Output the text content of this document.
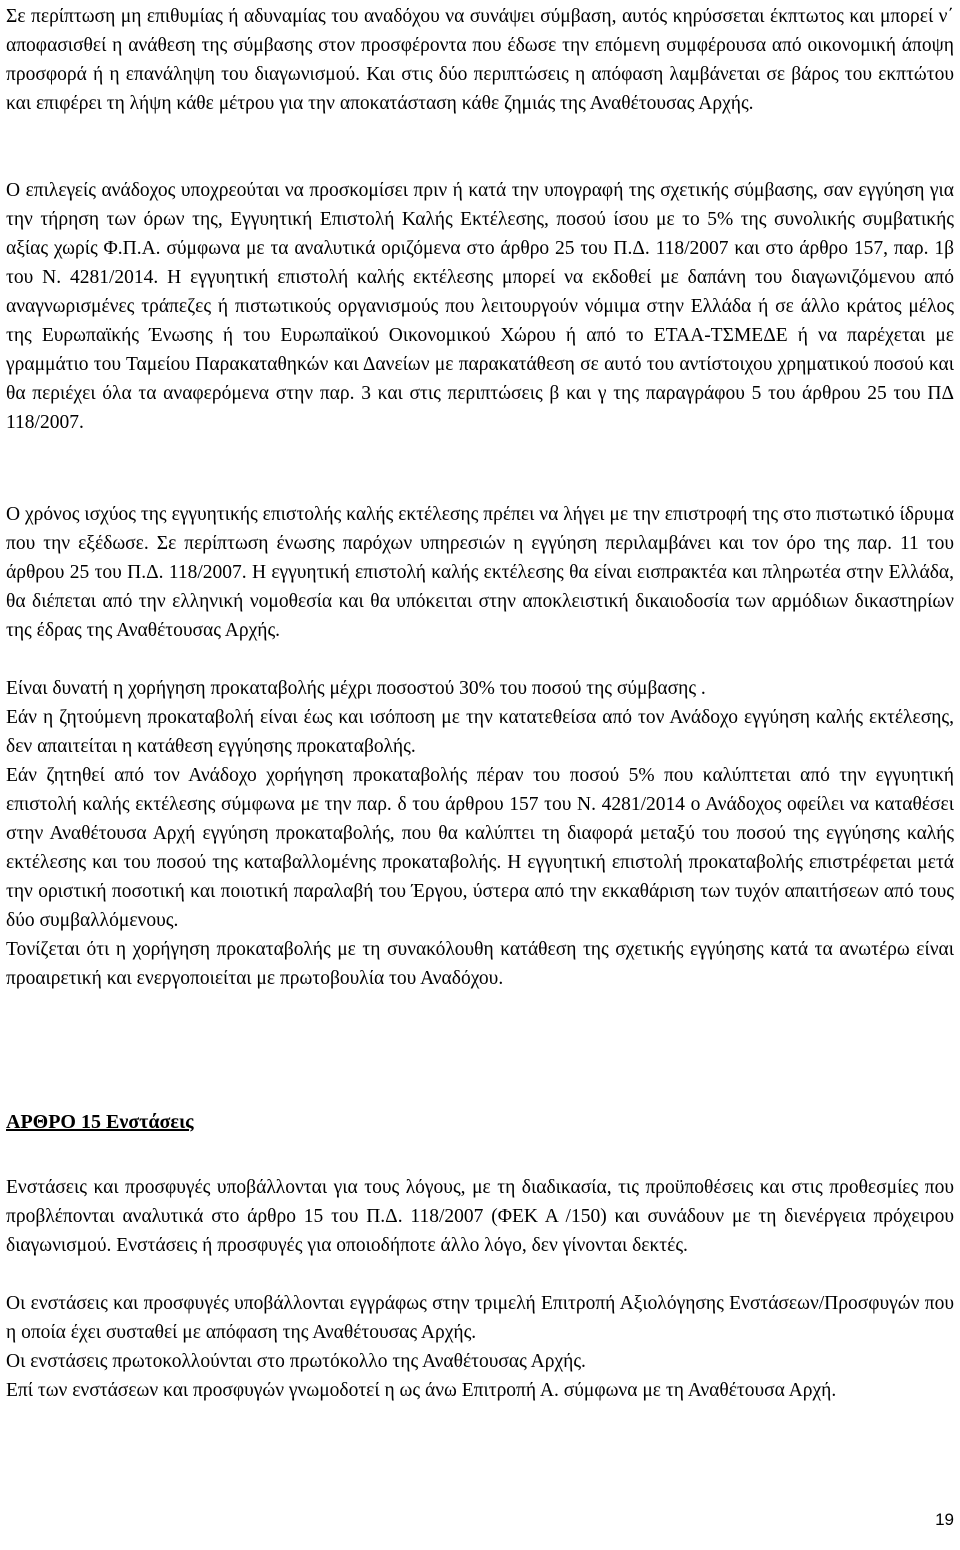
Σε περίπτωση μη επιθυμίας ή αδυναμίας του αναδόχου να συνάψει σύμβαση, αυτός κηρύσσεται έκπτωτος και μπορεί ν΄ αποφασισθεί η ανάθεση της σύμβασης στον προσφέροντα που έδωσε την επόμενη συμφέρουσα από οικονομική άποψη προσφορά ή η επανάληψη του διαγωνισμού. Και στις δύο περιπτώσεις η απόφαση λαμβάνεται σε βάρος του εκπτώτου και επιφέρει τη λήψη κάθε μέτρου για την αποκατάσταση κάθε ζημιάς της Αναθέτουσας Αρχής.

Ο επιλεγείς ανάδοχος υποχρεούται να προσκομίσει πριν ή κατά την υπογραφή της σχετικής σύμβασης, σαν εγγύηση για την τήρηση των όρων της, Εγγυητική Επιστολή Καλής Εκτέλεσης, ποσού ίσου με το 5% της συνολικής συμβατικής αξίας χωρίς Φ.Π.Α. σύμφωνα με τα αναλυτικά οριζόμενα στο άρθρο 25 του Π.Δ. 118/2007 και στο άρθρο 157, παρ. 1β του Ν. 4281/2014. Η εγγυητική επιστολή καλής εκτέλεσης μπορεί να εκδοθεί με δαπάνη του διαγωνιζόμενου από αναγνωρισμένες τράπεζες ή πιστωτικούς οργανισμούς που λειτουργούν νόμιμα στην Ελλάδα ή σε άλλο κράτος μέλος της Ευρωπαϊκής Ένωσης ή του Ευρωπαϊκού Οικονομικού Χώρου ή από το ΕΤΑΑ-ΤΣΜΕΔΕ ή να παρέχεται με γραμμάτιο του Ταμείου Παρακαταθηκών και Δανείων με παρακατάθεση σε αυτό του αντίστοιχου χρηματικού ποσού και θα περιέχει όλα τα αναφερόμενα στην παρ. 3 και στις περιπτώσεις β και γ της παραγράφου 5 του άρθρου 25 του ΠΔ 118/2007.

Ο χρόνος ισχύος της εγγυητικής επιστολής καλής εκτέλεσης πρέπει να λήγει με την επιστροφή της στο πιστωτικό ίδρυμα που την εξέδωσε. Σε περίπτωση ένωσης παρόχων υπηρεσιών η εγγύηση περιλαμβάνει και τον όρο της παρ. 11 του άρθρου 25 του Π.Δ. 118/2007. Η εγγυητική επιστολή καλής εκτέλεσης θα είναι εισπρακτέα και πληρωτέα στην Ελλάδα, θα διέπεται από την ελληνική νομοθεσία και θα υπόκειται στην αποκλειστική δικαιοδοσία των αρμόδιων δικαστηρίων της έδρας της Αναθέτουσας Αρχής.

Είναι δυνατή η χορήγηση προκαταβολής μέχρι ποσοστού 30% του ποσού της σύμβασης .

Εάν η ζητούμενη προκαταβολή είναι έως και ισόποση με την κατατεθείσα από τον Ανάδοχο εγγύηση καλής εκτέλεσης, δεν απαιτείται η κατάθεση εγγύησης προκαταβολής.

Εάν ζητηθεί από τον Ανάδοχο χορήγηση προκαταβολής πέραν του ποσού 5% που καλύπτεται από την εγγυητική επιστολή καλής εκτέλεσης σύμφωνα με την παρ. δ του άρθρου 157 του Ν. 4281/2014 ο Ανάδοχος οφείλει να καταθέσει στην Αναθέτουσα Αρχή εγγύηση προκαταβολής, που θα καλύπτει τη διαφορά μεταξύ του ποσού της εγγύησης καλής εκτέλεσης και του ποσού της καταβαλλομένης προκαταβολής. Η εγγυητική επιστολή προκαταβολής επιστρέφεται μετά την οριστική ποσοτική και ποιοτική παραλαβή του Έργου, ύστερα από την εκκαθάριση των τυχόν απαιτήσεων από τους δύο συμβαλλόμενους.

Τονίζεται ότι η χορήγηση προκαταβολής με τη συνακόλουθη κατάθεση της σχετικής εγγύησης κατά τα ανωτέρω είναι προαιρετική και ενεργοποιείται με πρωτοβουλία του Αναδόχου.

ΑΡΘΡΟ 15 Ενστάσεις

Ενστάσεις και προσφυγές υποβάλλονται για τους λόγους, με τη διαδικασία, τις προϋποθέσεις και στις προθεσμίες που προβλέπονται αναλυτικά στο άρθρο 15 του Π.Δ. 118/2007 (ΦΕΚ Α /150) και συνάδουν με τη διενέργεια πρόχειρου διαγωνισμού. Ενστάσεις ή προσφυγές για οποιοδήποτε άλλο λόγο, δεν γίνονται δεκτές.

Οι ενστάσεις και προσφυγές υποβάλλονται εγγράφως στην τριμελή Επιτροπή Αξιολόγησης Ενστάσεων/Προσφυγών που η οποία έχει συσταθεί με απόφαση της Αναθέτουσας Αρχής.

Οι ενστάσεις πρωτοκολλούνται στο πρωτόκολλο της Αναθέτουσας Αρχής.

Επί των ενστάσεων και προσφυγών γνωμοδοτεί η ως άνω Επιτροπή Α. σύμφωνα με τη Αναθέτουσα Αρχή.

19
